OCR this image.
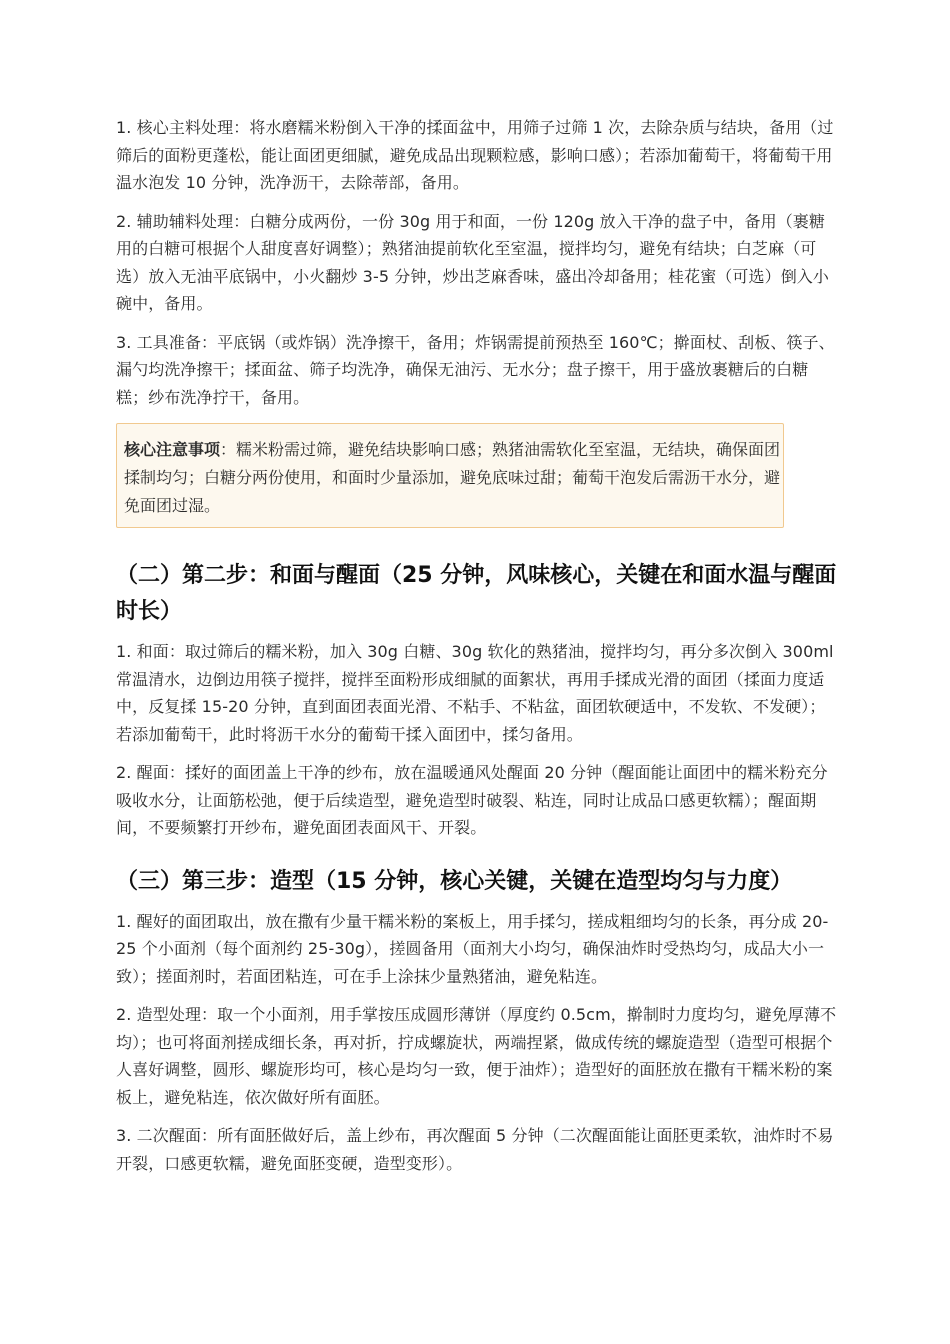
1. 核心主料处理：将水磨糯米粉倒入干净的揉面盆中，用筛子过筛 1 次，去除杂质与结块，备用（过筛后的面粉更蓬松，能让面团更细腻，避免成品出现颗粒感，影响口感）；若添加葡萄干，将葡萄干用温水泡发 10 分钟，洗净沥干，去除蒂部，备用。

2. 辅助辅料处理：白糖分成两份，一份 30g 用于和面，一份 120g 放入干净的盘子中，备用（裹糖用的白糖可根据个人甜度喜好调整）；熟猪油提前软化至室温，搅拌均匀，避免有结块；白芝麻（可选）放入无油平底锅中，小火翻炒 3-5 分钟，炒出芝麻香味，盛出冷却备用；桂花蜜（可选）倒入小碗中，备用。

3. 工具准备：平底锅（或炸锅）洗净擦干，备用；炸锅需提前预热至 160℃；擀面杖、刮板、筷子、漏勺均洗净擦干；揉面盆、筛子均洗净，确保无油污、无水分；盘子擦干，用于盛放裹糖后的白糖糕；纱布洗净拧干，备用。

核心注意事项：糯米粉需过筛，避免结块影响口感；熟猪油需软化至室温，无结块，确保面团揉制均匀；白糖分两份使用，和面时少量添加，避免底味过甜；葡萄干泡发后需沥干水分，避免面团过湿。
（二）第二步：和面与醒面（25 分钟，风味核心，关键在和面水温与醒面时长）

1. 和面：取过筛后的糯米粉，加入 30g 白糖、30g 软化的熟猪油，搅拌均匀，再分多次倒入 300ml 常温清水，边倒边用筷子搅拌，搅拌至面粉形成细腻的面絮状，再用手揉成光滑的面团（揉面力度适中，反复揉 15-20 分钟，直到面团表面光滑、不粘手、不粘盆，面团软硬适中，不发软、不发硬）；若添加葡萄干，此时将沥干水分的葡萄干揉入面团中，揉匀备用。

2. 醒面：揉好的面团盖上干净的纱布，放在温暖通风处醒面 20 分钟（醒面能让面团中的糯米粉充分吸收水分，让面筋松弛，便于后续造型，避免造型时破裂、粘连，同时让成品口感更软糯）；醒面期间，不要频繁打开纱布，避免面团表面风干、开裂。

（三）第三步：造型（15 分钟，核心关键，关键在造型均匀与力度）

1. 醒好的面团取出，放在撒有少量干糯米粉的案板上，用手揉匀，搓成粗细均匀的长条，再分成 20-25 个小面剂（每个面剂约 25-30g），搓圆备用（面剂大小均匀，确保油炸时受热均匀，成品大小一致）；搓面剂时，若面团粘连，可在手上涂抹少量熟猪油，避免粘连。

2. 造型处理：取一个小面剂，用手掌按压成圆形薄饼（厚度约 0.5cm，擀制时力度均匀，避免厚薄不均）；也可将面剂搓成细长条，再对折，拧成螺旋状，两端捏紧，做成传统的螺旋造型（造型可根据个人喜好调整，圆形、螺旋形均可，核心是均匀一致，便于油炸）；造型好的面胚放在撒有干糯米粉的案板上，避免粘连，依次做好所有面胚。

3. 二次醒面：所有面胚做好后，盖上纱布，再次醒面 5 分钟（二次醒面能让面胚更柔软，油炸时不易开裂，口感更软糯，避免面胚变硬，造型变形）。
